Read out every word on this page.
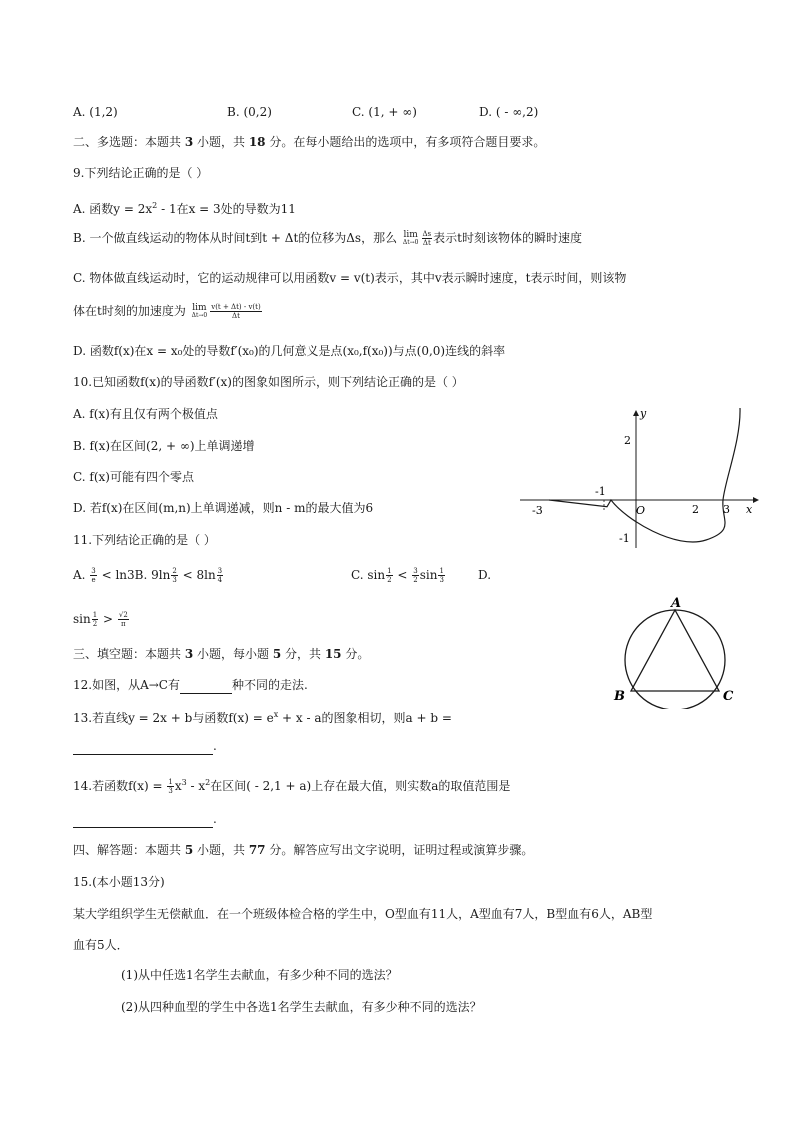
A. (1,2)	B. (0,2)	C. (1, + ∞)	D. ( - ∞,2)
二、多选题：本题共 3 小题，共 18 分。在每小题给出的选项中，有多项符合题目要求。
9.下列结论正确的是（ ）
A. 函数$y = 2x^2 - 1$在x = 3处的导数为11
B. 一个做直线运动的物体从时间t到t + Δt的位移为Δs，那么 lim
$\Delta t\to 0 \frac{\Delta s}{\Delta t}$ 表示t时刻该物体的瞬时速度
C. 物体做直线运动时，它的运动规律可以用函数v = v(t)表示，其中v表示瞬时速度，t表示时间，则该物
体在t时刻的加速度为 lim
$\Delta t\to 0 \frac{v(t + \Delta t) - v(t)}{\Delta t}$
D. 函数f(x)在x = x₀处的导数f′(x₀)的几何意义是点(x₀,f(x₀))与点(0,0)连线的斜率
10.已知函数f(x)的导函数f′(x)的图象如图所示，则下列结论正确的是（ ）
A. f(x)有且仅有两个极值点
B. f(x)在区间(2, + ∞)上单调递增
C. f(x)可能有四个零点
D. 若f(x)在区间(m,n)上单调递减，则n - m的最大值为6
y
x
O
2
-1
-3	2 3
-1
11.下列结论正确的是（ ）
A. $\frac{3}{e} < \ln 3B$. $9\ln \frac{2}{3} < 8\ln \frac{3}{4}$	C. $\sin \frac{1}{2} < \frac{3}{2}$ $\sin \frac{1}{3}$	D.
$\sin \frac{1}{2} > \frac{√2}{\pi}$
A
B	C
三、填空题：本题共 3 小题，每小题 5 分，共 15 分。
12.如图，从A→C有	种不同的走法.
13.若直线y = 2x + b与函数$f(x) = e^x + x - a$的图象相切，则a + b =
.
14.若函数$f(x) = \frac{1}{3} x^3 - x^2$在区间( - 2,1 + a)上存在最大值，则实数a的取值范围是
.
四、解答题：本题共 5 小题，共 77 分。解答应写出文字说明，证明过程或演算步骤。
15.(本小题13分)
某大学组织学生无偿献血．在一个班级体检合格的学生中，O型血有11人，A型血有7人，B型血有6人，AB型
血有5人．
(1)从中任选1名学生去献血，有多少种不同的选法？
(2)从四种血型的学生中各选1名学生去献血，有多少种不同的选法？
